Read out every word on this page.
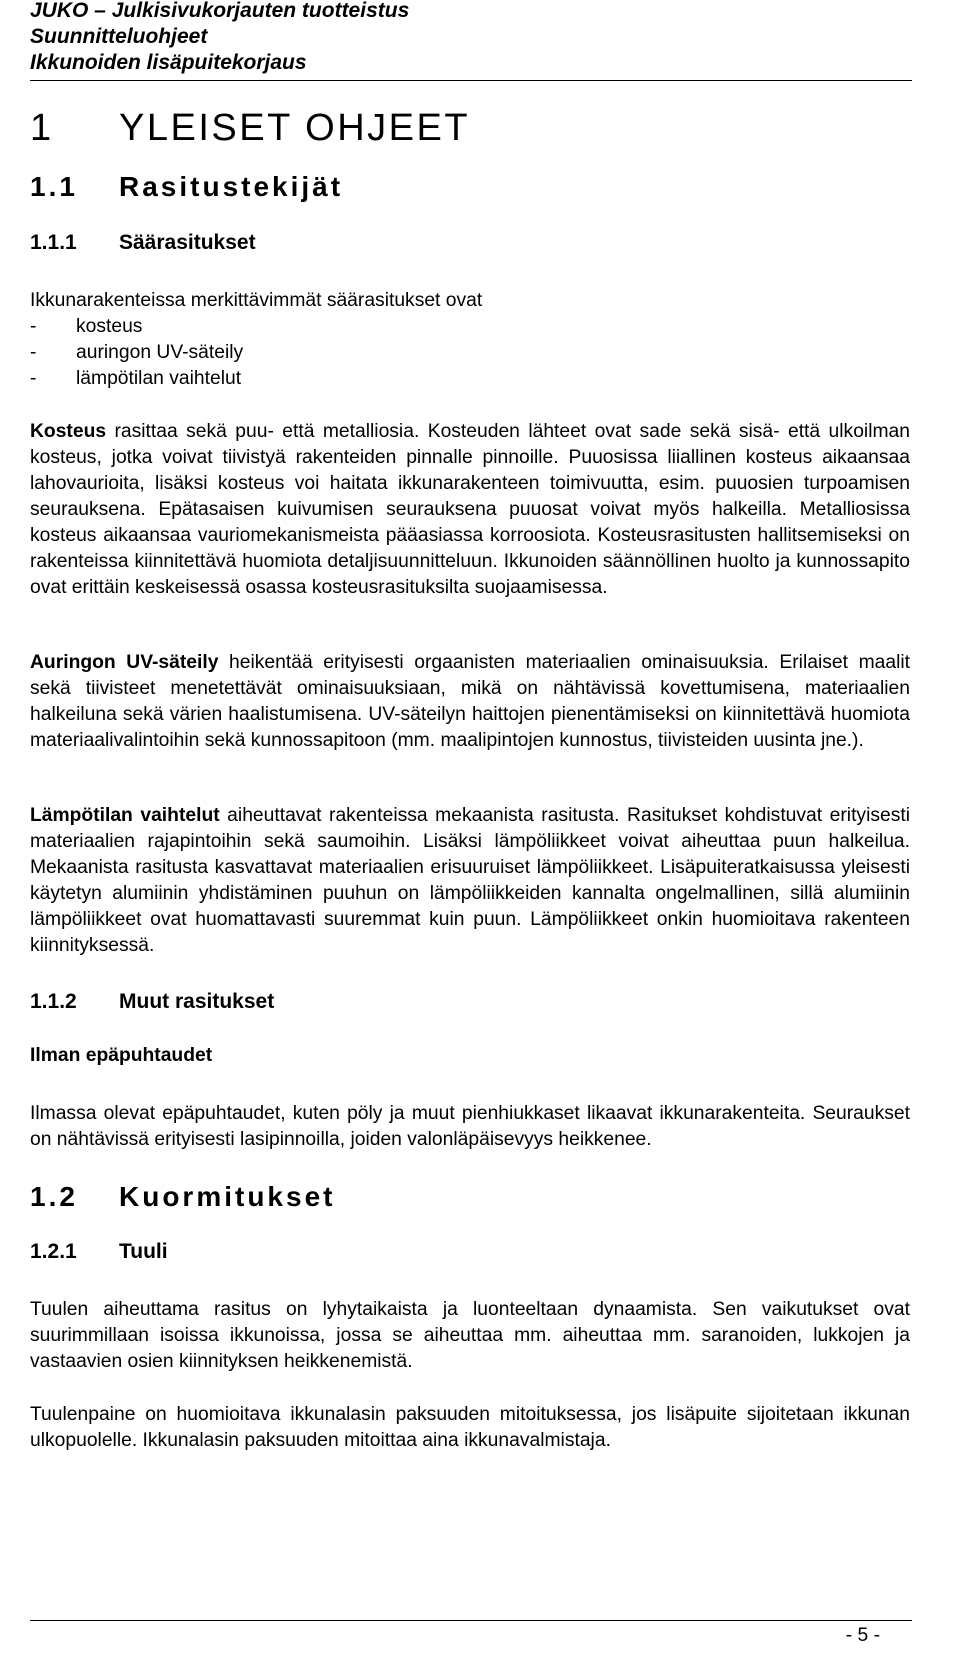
JUKO – Julkisivukorjauten tuotteistus
Suunnitteluohjeet
Ikkunoiden lisäpuitekorjaus
1 YLEISET OHJEET
1.1 Rasitustekijät
1.1.1 Säärasitukset
Ikkunarakenteissa merkittävimmät säärasitukset ovat
- kosteus
- auringon UV-säteily
- lämpötilan vaihtelut
Kosteus rasittaa sekä puu- että metalliosia. Kosteuden lähteet ovat sade sekä sisä- että ulkoilman kosteus, jotka voivat tiivistyä rakenteiden pinnalle pinnoille. Puuosissa liiallinen kosteus aikaansaa lahovaurioita, lisäksi kosteus voi haitata ikkunarakenteen toimivuutta, esim. puuosien turpoamisen seurauksena. Epätasaisen kuivumisen seurauksena puuosat voivat myös halkeilla. Metalliosissa kosteus aikaansaa vauriomekanismeista pääasiassa korroosiota. Kosteusrasitusten hallitsemiseksi on rakenteissa kiinnitettävä huomiota detaljisuunnitteluun. Ikkunoiden säännöllinen huolto ja kunnossapito ovat erittäin keskeisessä osassa kosteusrasituksilta suojaamisessa.
Auringon UV-säteily heikentää erityisesti orgaanisten materiaalien ominaisuuksia. Erilaiset maalit sekä tiivisteet menetettävät ominaisuuksiaan, mikä on nähtävissä kovettumisena, materiaalien halkeiluna sekä värien haalistumisena. UV-säteilyn haittojen pienentämiseksi on kiinnitettävä huomiota materiaalivalintoihin sekä kunnossapitoon (mm. maalipintojen kunnostus, tiivisteiden uusinta jne.).
Lämpötilan vaihtelut aiheuttavat rakenteissa mekaanista rasitusta. Rasitukset kohdistuvat erityisesti materiaalien rajapintoihin sekä saumoihin. Lisäksi lämpöliikkeet voivat aiheuttaa puun halkeilua. Mekaanista rasitusta kasvattavat materiaalien erisuuruiset lämpöliikkeet. Lisäpuiteratkaisussa yleisesti käytetyn alumiinin yhdistäminen puuhun on lämpöliikkeiden kannalta ongelmallinen, sillä alumiinin lämpöliikkeet ovat huomattavasti suuremmat kuin puun. Lämpöliikkeet onkin huomioitava rakenteen kiinnityksessä.
1.1.2 Muut rasitukset
Ilman epäpuhtaudet
Ilmassa olevat epäpuhtaudet, kuten pöly ja muut pienhiukkaset likaavat ikkunarakenteita. Seuraukset on nähtävissä erityisesti lasipinnoilla, joiden valonläpäisevyys heikkenee.
1.2 Kuormitukset
1.2.1 Tuuli
Tuulen aiheuttama rasitus on lyhytaikaista ja luonteeltaan dynaamista. Sen vaikutukset ovat suurimmillaan isoissa ikkunoissa, jossa se aiheuttaa mm. aiheuttaa mm. saranoiden, lukkojen ja vastaavien osien kiinnityksen heikkenemistä.
Tuulenpaine on huomioitava ikkunalasin paksuuden mitoituksessa, jos lisäpuite sijoitetaan ikkunan ulkopuolelle. Ikkunalasin paksuuden mitoittaa aina ikkunavalmistaja.
- 5 -
